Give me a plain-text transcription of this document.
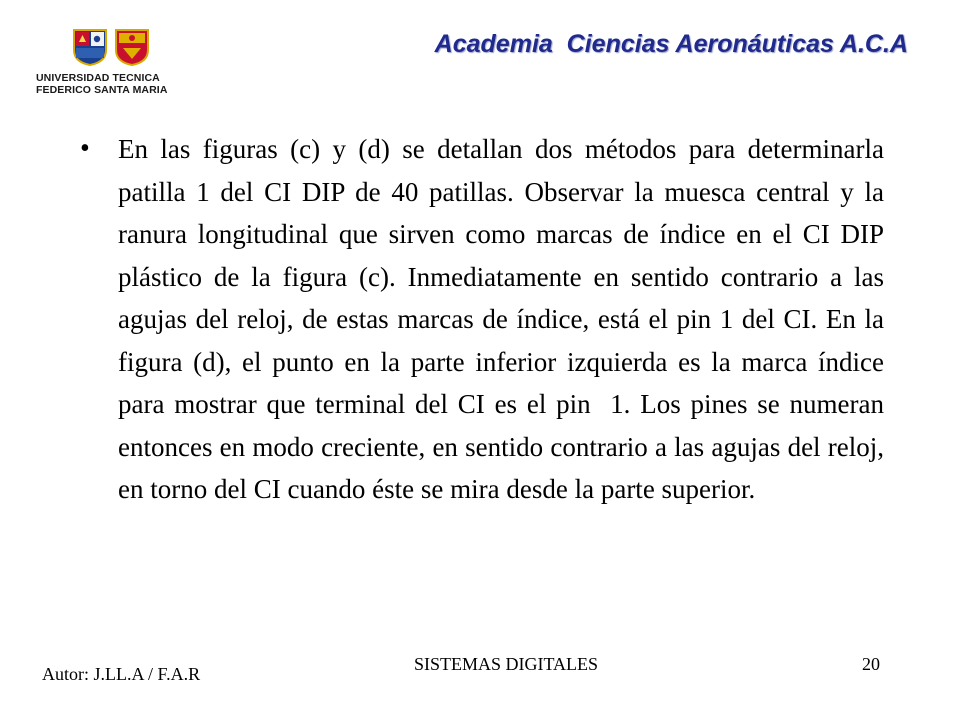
UNIVERSIDAD TECNICA
FEDERICO SANTA MARIA
Academia  Ciencias Aeronáuticas A.C.A
•	En las figuras (c) y (d) se detallan dos métodos para determinarla patilla 1 del CI DIP de 40 patillas. Observar la muesca central y la ranura longitudinal que sirven como marcas de índice en el CI DIP plástico de la figura (c). Inmediatamente en sentido contrario a las agujas del reloj, de estas marcas de índice, está el pin 1 del CI. En la figura (d), el punto en la parte inferior izquierda es la marca índice para mostrar que terminal del CI es el pin  1. Los pines se numeran entonces en modo creciente, en sentido contrario a las agujas del reloj, en torno del CI cuando éste se mira desde la parte superior.
Autor: J.LL.A / F.A.R	SISTEMAS DIGITALES	20
